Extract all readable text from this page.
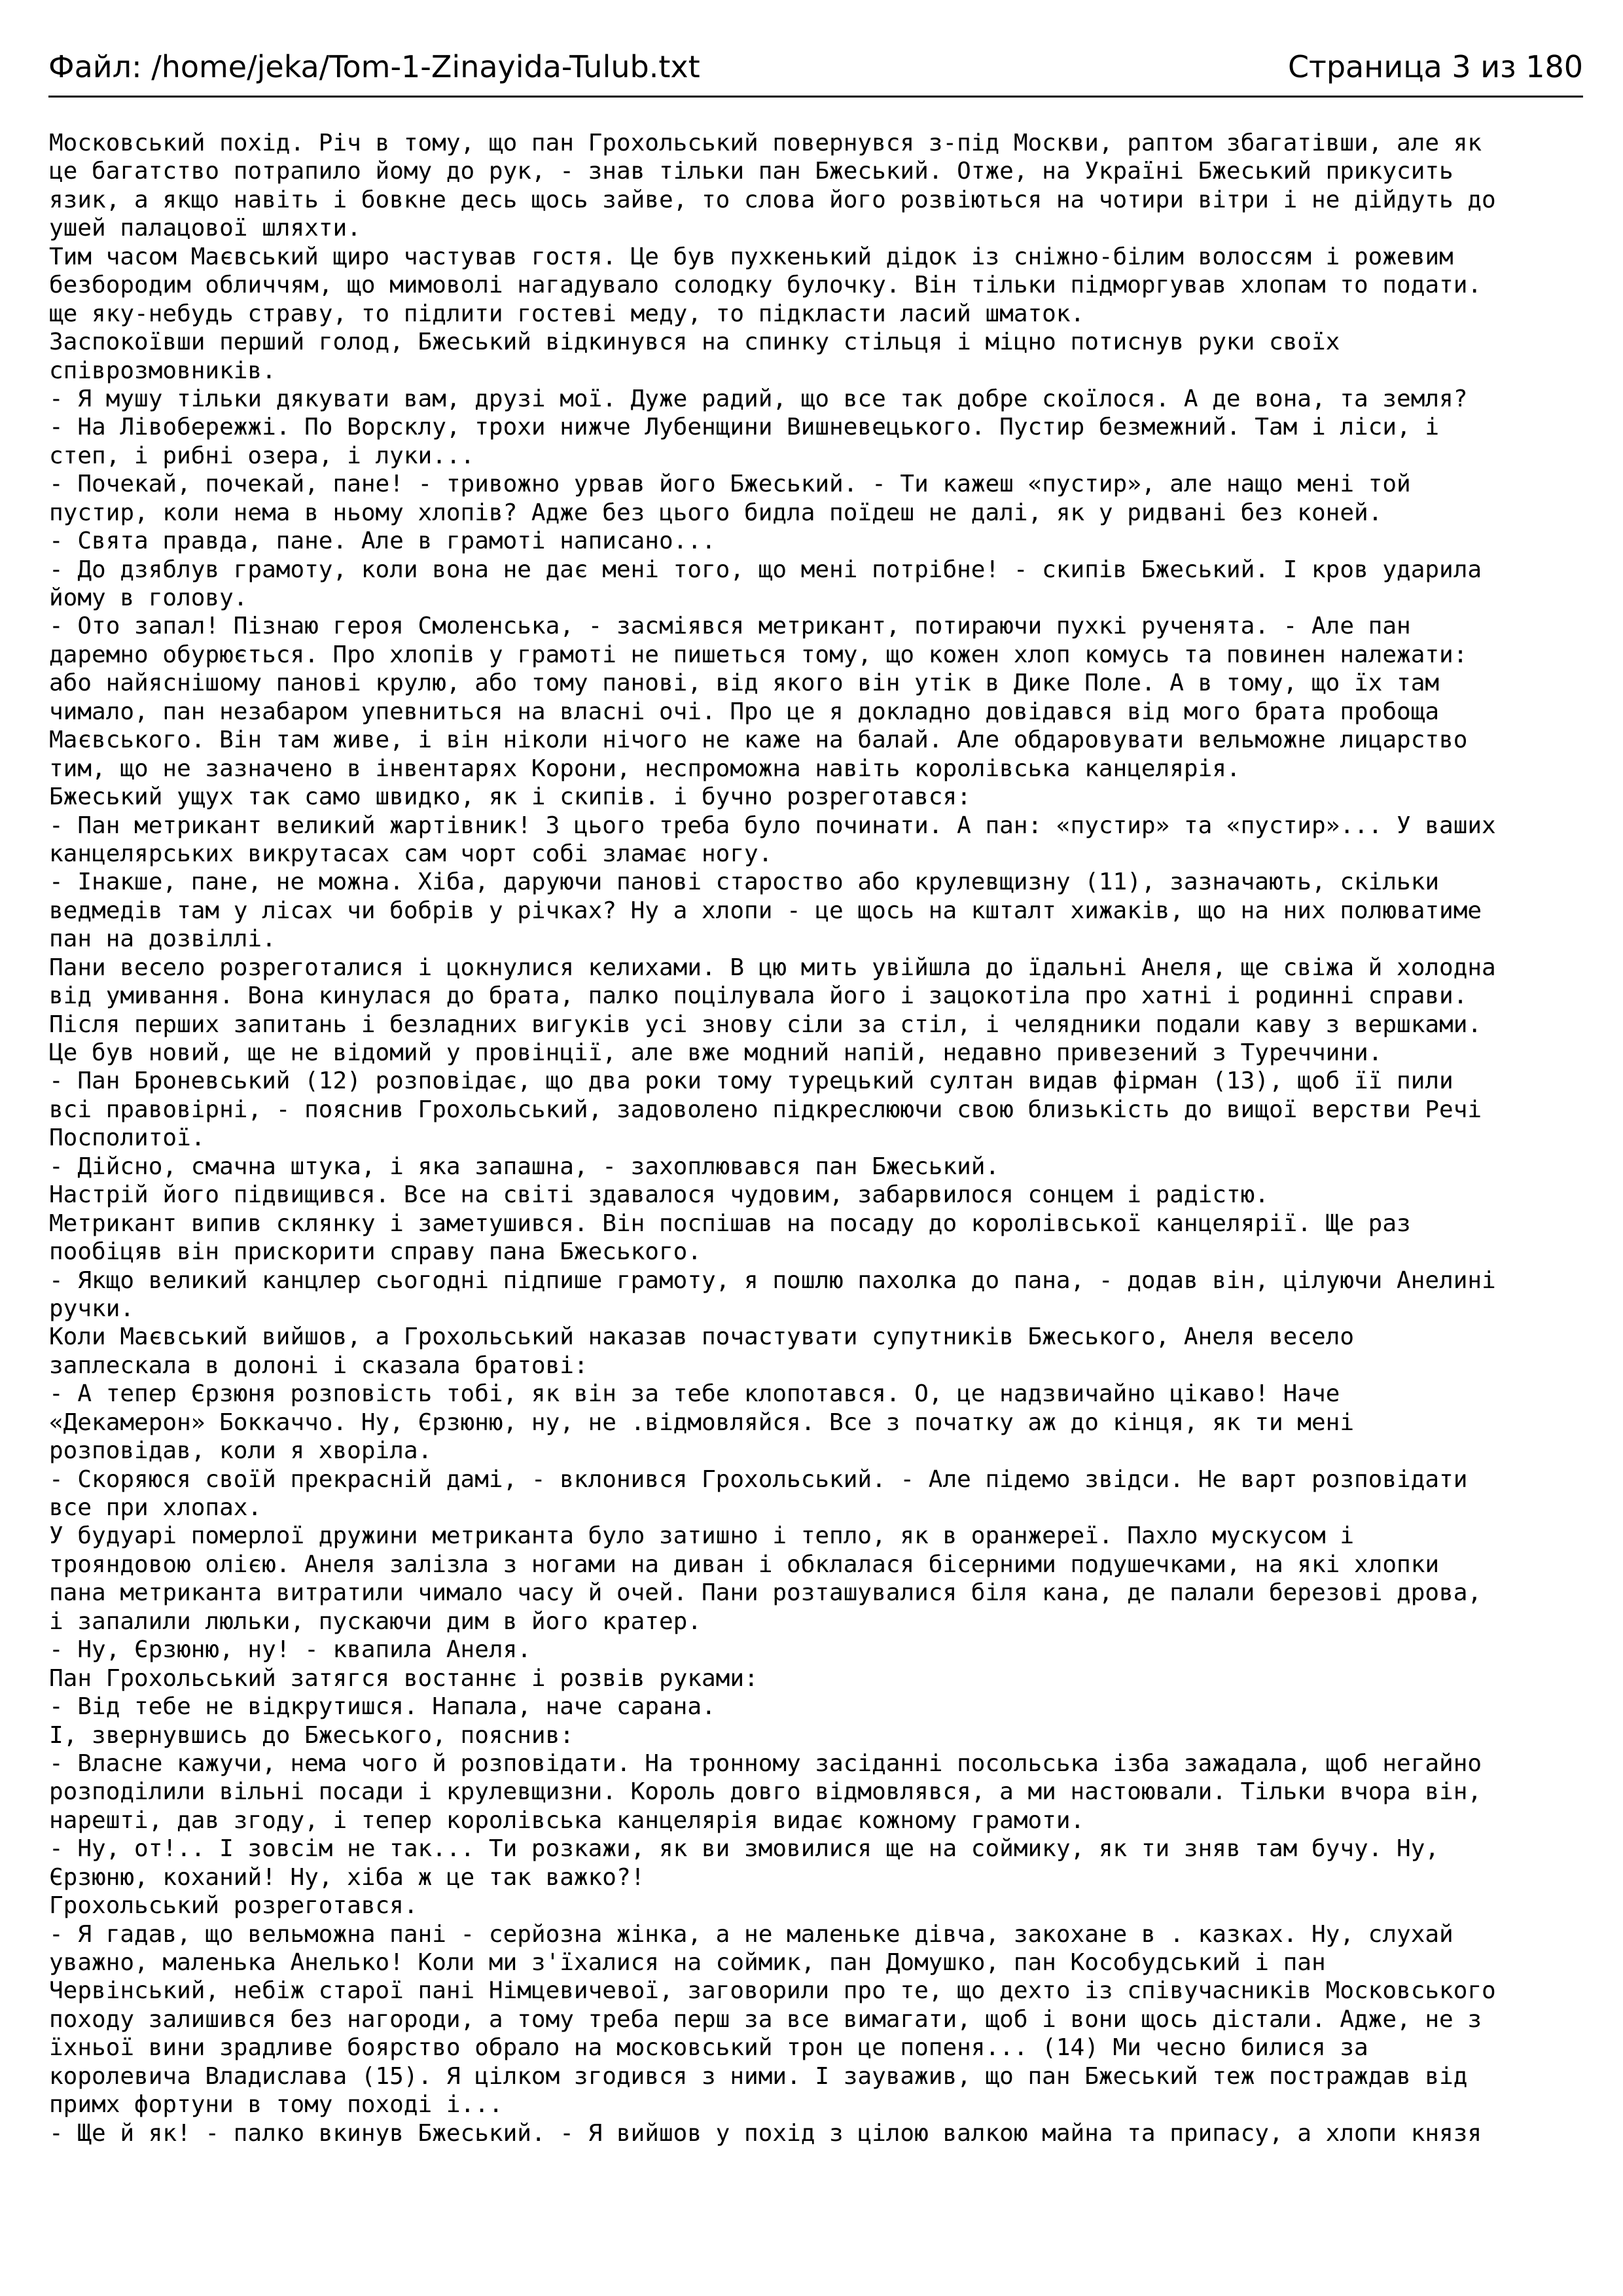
Файл: /home/jeka/Tom-1-Zinayida-Tulub.txt	Страница 3 из 180
Московський похід. Річ в тому, що пан Грохольський повернувся з-під Москви, раптом збагатівши, але як
це багатство потрапило йому до рук, - знав тільки пан Бжеський. Отже, на Україні Бжеський прикусить
язик, а якщо навіть і бовкне десь щось зайве, то слова його розвіються на чотири вітри і не дійдуть до
ушей палацової шляхти.
Тим часом Маєвський щиро частував гостя. Це був пухкенький дідок із сніжно-білим волоссям і рожевим
безбородим обличчям, що мимоволі нагадувало солодку булочку. Він тільки підморгував хлопам то подати.
ще яку-небудь страву, то підлити гостеві меду, то підкласти ласий шматок.
Заспокоївши перший голод, Бжеський відкинувся на спинку стільця і міцно потиснув руки своїх
співрозмовників.
- Я мушу тільки дякувати вам, друзі мої. Дуже радий, що все так добре скоїлося. А де вона, та земля?
- На Лівобережжі. По Ворсклу, трохи нижче Лубенщини Вишневецького. Пустир безмежний. Там і ліси, і
степ, і рибні озера, і луки...
- Почекай, почекай, пане! - тривожно урвав його Бжеський. - Ти кажеш «пустир», але нащо мені той
пустир, коли нема в ньому хлопів? Адже без цього бидла поїдеш не далі, як у ридвані без коней.
- Свята правда, пане. Але в грамоті написано...
- До дзяблув грамоту, коли вона не дає мені того, що мені потрібне! - скипів Бжеський. І кров ударила
йому в голову.
- Ото запал! Пізнаю героя Смоленська, - засміявся метрикант, потираючи пухкі рученята. - Але пан
даремно обурюється. Про хлопів у грамоті не пишеться тому, що кожен хлоп комусь та повинен належати:
або найяснішому панові крулю, або тому панові, від якого він утік в Дике Поле. А в тому, що їх там
чимало, пан незабаром упевниться на власні очі. Про це я докладно довідався від мого брата пробоща
Маєвського. Він там живе, і він ніколи нічого не каже на балай. Але обдаровувати вельможне лицарство
тим, що не зазначено в інвентарях Корони, неспроможна навіть королівська канцелярія.
Бжеський ущух так само швидко, як і скипів. і бучно розреготався:
- Пан метрикант великий жартівник! З цього треба було починати. А пан: «пустир» та «пустир»... У ваших
канцелярських викрутасах сам чорт собі зламає ногу.
- Інакше, пане, не можна. Хіба, даруючи панові староство або крулевщизну (11), зазначають, скільки
ведмедів там у лісах чи бобрів у річках? Ну а хлопи - це щось на кшталт хижаків, що на них полюватиме
пан на дозвіллі.
Пани весело розреготалися і цокнулися келихами. В цю мить увійшла до їдальні Анеля, ще свіжа й холодна
від умивання. Вона кинулася до брата, палко поцілувала його і зацокотіла про хатні і родинні справи.
Після перших запитань і безладних вигуків усі знову сіли за стіл, і челядники подали каву з вершками.
Це був новий, ще не відомий у провінції, але вже модний напій, недавно привезений з Туреччини.
- Пан Броневський (12) розповідає, що два роки тому турецький султан видав фірман (13), щоб її пили
всі правовірні, - пояснив Грохольський, задоволено підкреслюючи свою близькість до вищої верстви Речі
Посполитої.
- Дійсно, смачна штука, і яка запашна, - захоплювався пан Бжеський.
Настрій його підвищився. Все на світі здавалося чудовим, забарвилося сонцем і радістю.
Метрикант випив склянку і заметушився. Він поспішав на посаду до королівської канцелярії. Ще раз
пообіцяв він прискорити справу пана Бжеського.
- Якщо великий канцлер сьогодні підпише грамоту, я пошлю пахолка до пана, - додав він, цілуючи Анелині
ручки.
Коли Маєвський вийшов, а Грохольський наказав почастувати супутників Бжеського, Анеля весело
заплескала в долоні і сказала братові:
- А тепер Єрзюня розповість тобі, як він за тебе клопотався. О, це надзвичайно цікаво! Наче
«Декамерон» Боккаччо. Ну, Єрзюню, ну, не .відмовляйся. Все з початку аж до кінця, як ти мені
розповідав, коли я хворіла.
- Скоряюся своїй прекрасній дамі, - вклонився Грохольський. - Але підемо звідси. Не варт розповідати
все при хлопах.
У будуарі померлої дружини метриканта було затишно і тепло, як в оранжереї. Пахло мускусом і
трояндовою олією. Анеля залізла з ногами на диван і обклалася бісерними подушечками, на які хлопки
пана метриканта витратили чимало часу й очей. Пани розташувалися біля кана, де палали березові дрова,
і запалили люльки, пускаючи дим в його кратер.
- Ну, Єрзюню, ну! - квапила Анеля.
Пан Грохольський затягся востаннє і розвів руками:
- Від тебе не відкрутишся. Напала, наче сарана.
І, звернувшись до Бжеського, пояснив:
- Власне кажучи, нема чого й розповідати. На тронному засіданні посольська ізба зажадала, щоб негайно
розподілили вільні посади і крулевщизни. Король довго відмовлявся, а ми настоювали. Тільки вчора він,
нарешті, дав згоду, і тепер королівська канцелярія видає кожному грамоти.
- Ну, от!.. І зовсім не так... Ти розкажи, як ви змовилися ще на соймику, як ти зняв там бучу. Ну,
Єрзюню, коханий! Ну, хіба ж це так важко?!
Грохольський розреготався.
- Я гадав, що вельможна пані - серйозна жінка, а не маленьке дівча, закохане в . казках. Ну, слухай
уважно, маленька Анелько! Коли ми з'їхалися на соймик, пан Домушко, пан Кособудський і пан
Червінський, небіж старої пані Німцевичевої, заговорили про те, що дехто із співучасників Московського
походу залишився без нагороди, а тому треба перш за все вимагати, щоб і вони щось дістали. Адже, не з
їхньої вини зрадливе боярство обрало на московський трон це попеня... (14) Ми чесно билися за
королевича Владислава (15). Я цілком згодився з ними. І зауважив, що пан Бжеський теж постраждав від
примх фортуни в тому поході і...
- Ще й як! - палко вкинув Бжеський. - Я вийшов у похід з цілою валкою майна та припасу, а хлопи князя
